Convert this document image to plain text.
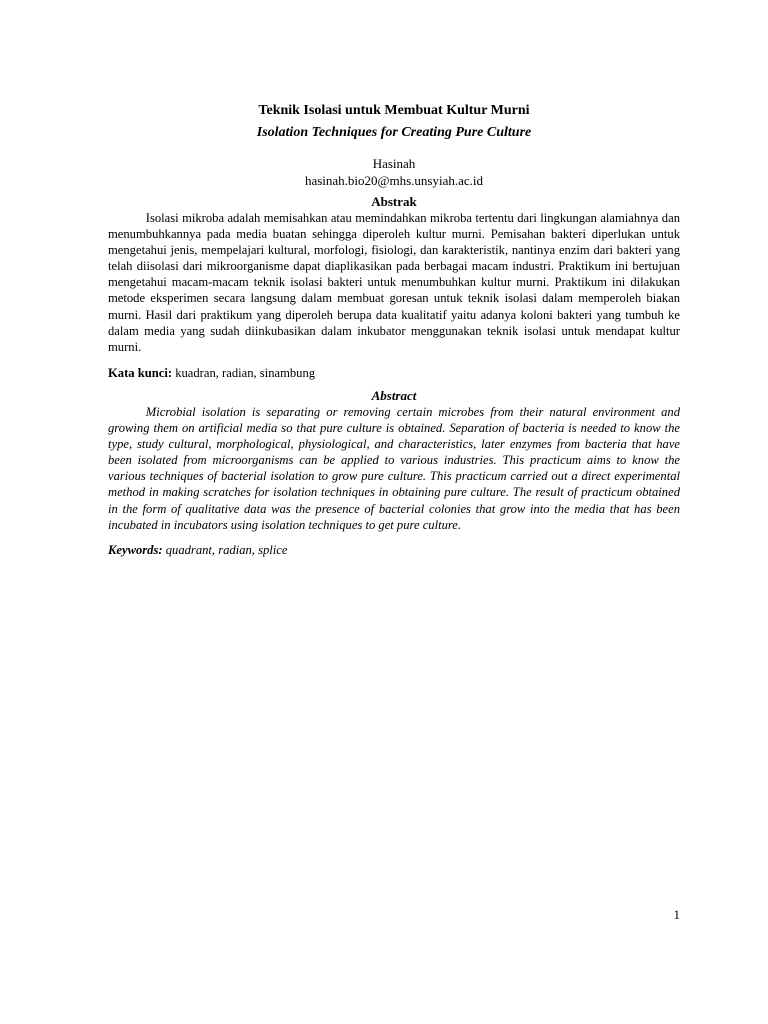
Teknik Isolasi untuk Membuat Kultur Murni

Isolation Techniques for Creating Pure Culture

Hasinah

hasinah.bio20@mhs.unsyiah.ac.id

Abstrak

   Isolasi mikroba adalah memisahkan atau memindahkan mikroba tertentu dari lingkungan alamiahnya dan menumbuhkannya pada media buatan sehingga diperoleh kultur murni. Pemisahan bakteri diperlukan untuk mengetahui jenis, mempelajari kultural, morfologi, fisiologi, dan karakteristik, nantinya enzim dari bakteri yang telah diisolasi dari mikroorganisme dapat diaplikasikan pada berbagai macam industri. Praktikum ini bertujuan mengetahui macam-macam teknik isolasi bakteri untuk menumbuhkan kultur murni. Praktikum ini dilakukan metode eksperimen secara langsung dalam membuat goresan untuk teknik isolasi dalam memperoleh biakan murni. Hasil dari praktikum yang diperoleh berupa data kualitatif yaitu adanya koloni bakteri yang tumbuh ke dalam media yang sudah diinkubasikan dalam inkubator menggunakan teknik isolasi untuk mendapat kultur murni.

Kata kunci: kuadran, radian, sinambung

Abstract

   Microbial isolation is separating or removing certain microbes from their natural environment and growing them on artificial media so that pure culture is obtained. Separation of bacteria is needed to know the type, study cultural, morphological, physiological, and characteristics, later enzymes from bacteria that have been isolated from microorganisms can be applied to various industries. This practicum aims to know the various techniques of bacterial isolation to grow pure culture. This practicum carried out a direct experimental method in making scratches for isolation techniques in obtaining pure culture. The result of practicum obtained in the form of qualitative data was the presence of bacterial colonies that grow into the media that has been incubated in incubators using isolation techniques to get pure culture.

Keywords: quadrant, radian, splice

1
